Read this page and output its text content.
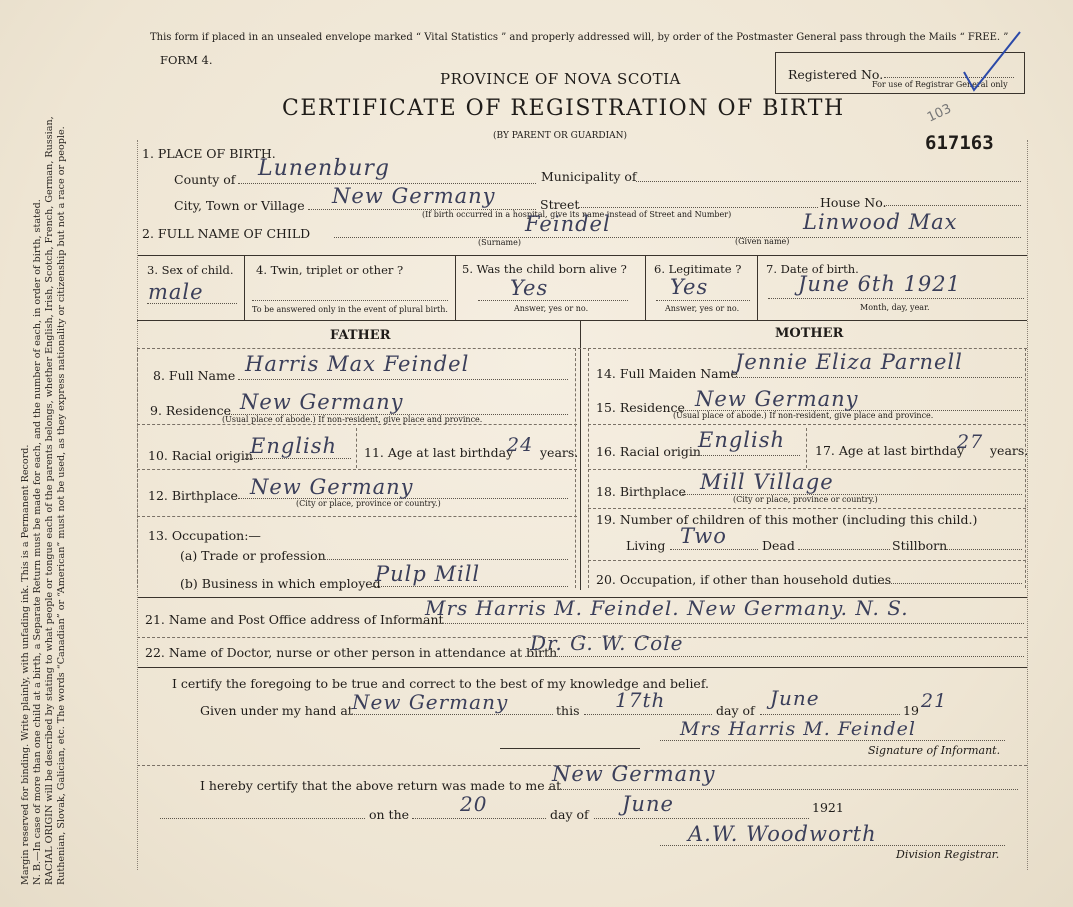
Margin reserved for binding. Write plainly, with unfading ink. This is a Permanent Record. N. B.—In case of more than one child at a birth, a Separate Return must be made for each, and the number of each, in order of birth, stated. RACIAL ORIGIN will be described by stating to what people or tongue each of the parents belongs, whether English, Irish, Scotch, French, German, Russian, Ruthenian, Slovak, Galician, etc. The words “Canadian” or “American” must not be used, as they express nationality or citizenship but not a race or people.
This form if placed in an unsealed envelope marked “ Vital Statistics ” and properly addressed will, by order of the Postmaster General pass through the Mails “ FREE. ”
FORM 4.
PROVINCE OF NOVA SCOTIA
CERTIFICATE OF REGISTRATION OF BIRTH
(BY PARENT OR GUARDIAN)
Registered No.
For use of Registrar General only
103
617163
1. PLACE OF BIRTH.
County of Lunenburg	Municipality of
City, Town or Village New Germany	Street	House No.
(If birth occurred in a hospital, give its name instead of Street and Number)
2. FULL NAME OF CHILD	Feindel	Linwood Max
(Surname)	(Given name)
3. Sex of child.
male
4. Twin, triplet or other ?
To be answered only in the event of plural birth.
5. Was the child born alive ?
Yes
Answer, yes or no.
6. Legitimate ?
Yes
Answer, yes or no.
7. Date of birth.
June 6th 1921
Month, day, year.
FATHER
8. Full Name Harris Max Feindel
9. Residence New Germany
(Usual place of abode.) If non-resident, give place and province.
10. Racial origin
English 11. Age at last birthday
24 years.
12. Birthplace New Germany
(City or place, province or country.)
13. Occupation:—
(a) Trade or profession
(b) Business in which employed
Pulp Mill
MOTHER
14. Full Maiden Name
Jennie Eliza Parnell
15. Residence New Germany
(Usual place of abode.) If non-resident, give place and province.
16. Racial origin
English 17. Age at last birthday
27 years.
18. Birthplace Mill Village
(City or place, province or country.)
19. Number of children of this mother (including this child.)
Living Two	Dead	Stillborn
20. Occupation, if other than household duties
21. Name and Post Office address of Informant
Mrs Harris M. Feindel. New Germany. N. S.
22. Name of Doctor, nurse or other person in attendance at birth
Dr. G. W. Cole
I certify the foregoing to be true and correct to the best of my knowledge and belief.
Given under my hand at New Germany	this 17th	day of
June
19 21
Mrs Harris M. Feindel
Signature of Informant.
I hereby certify that the above return was made to me at
New Germany
on the	20	day of June	1921
A.W. Woodworth
Division Registrar.
